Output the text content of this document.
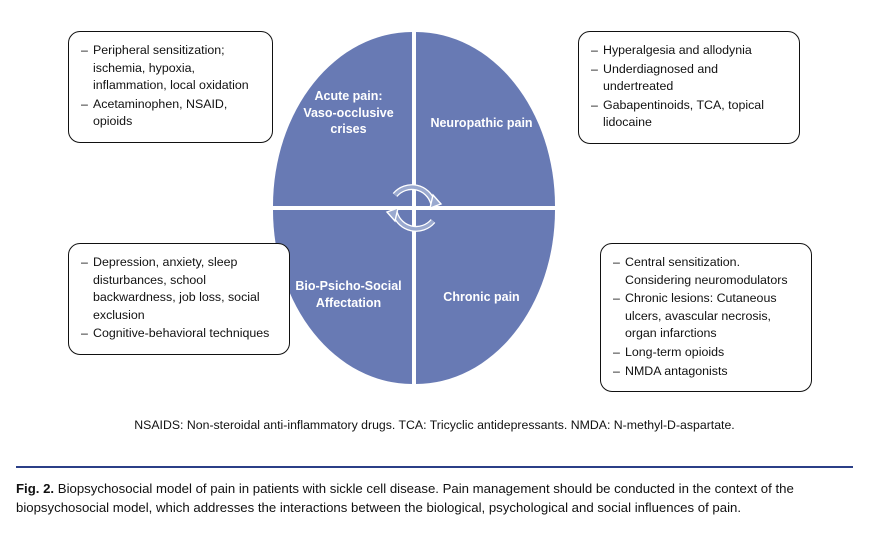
Acute pain:
Vaso-occlusive crises	Neuropathic pain
Bio-Psicho-Social Affectation	Chronic pain
– Peripheral sensitization; ischemia, hypoxia, inflammation, local oxidation
– Acetaminophen, NSAID, opioids
– Hyperalgesia and allodynia
– Underdiagnosed and undertreated
– Gabapentinoids, TCA, topical lidocaine
– Depression, anxiety, sleep disturbances, school backwardness, job loss, social exclusion
– Cognitive-behavioral techniques
– Central sensitization. Considering neuromodulators
– Chronic lesions: Cutaneous ulcers, avascular necrosis, organ infarctions
– Long-term opioids
– NMDA antagonists
NSAIDS: Non-steroidal anti-inflammatory drugs. TCA: Tricyclic antidepressants. NMDA: N-methyl-D-aspartate.
Fig. 2. Biopsychosocial model of pain in patients with sickle cell disease. Pain management should be conducted in the context of the biopsychosocial model, which addresses the interactions between the biological, psychological and social influences of pain.
